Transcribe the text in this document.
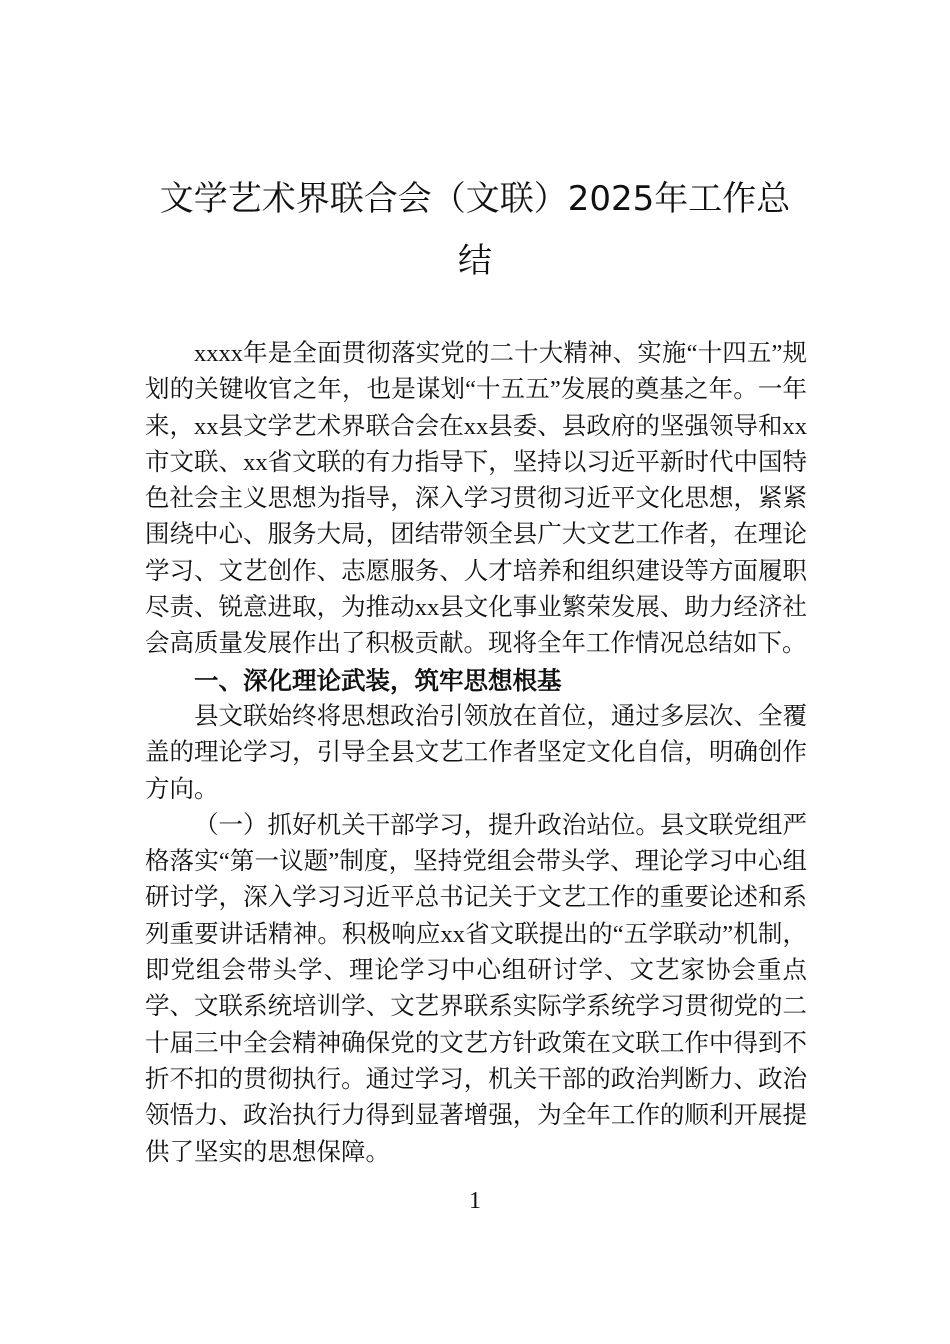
文学艺术界联合会（文联）2025年工作总结

xxxx年是全面贯彻落实党的二十大精神、实施“十四五”规划的关键收官之年，也是谋划“十五五”发展的奠基之年。一年来，xx县文学艺术界联合会在xx县委、县政府的坚强领导和xx市文联、xx省文联的有力指导下，坚持以习近平新时代中国特色社会主义思想为指导，深入学习贯彻习近平文化思想，紧紧围绕中心、服务大局，团结带领全县广大文艺工作者，在理论学习、文艺创作、志愿服务、人才培养和组织建设等方面履职尽责、锐意进取，为推动xx县文化事业繁荣发展、助力经济社会高质量发展作出了积极贡献。现将全年工作情况总结如下。

一、深化理论武装，筑牢思想根基

县文联始终将思想政治引领放在首位，通过多层次、全覆盖的理论学习，引导全县文艺工作者坚定文化自信，明确创作方向。

（一）抓好机关干部学习，提升政治站位。县文联党组严格落实“第一议题”制度，坚持党组会带头学、理论学习中心组研讨学，深入学习习近平总书记关于文艺工作的重要论述和系列重要讲话精神。积极响应xx省文联提出的“五学联动”机制，即党组会带头学、理论学习中心组研讨学、文艺家协会重点学、文联系统培训学、文艺界联系实际学系统学习贯彻党的二十届三中全会精神确保党的文艺方针政策在文联工作中得到不折不扣的贯彻执行。通过学习，机关干部的政治判断力、政治领悟力、政治执行力得到显著增强，为全年工作的顺利开展提供了坚实的思想保障。

1
